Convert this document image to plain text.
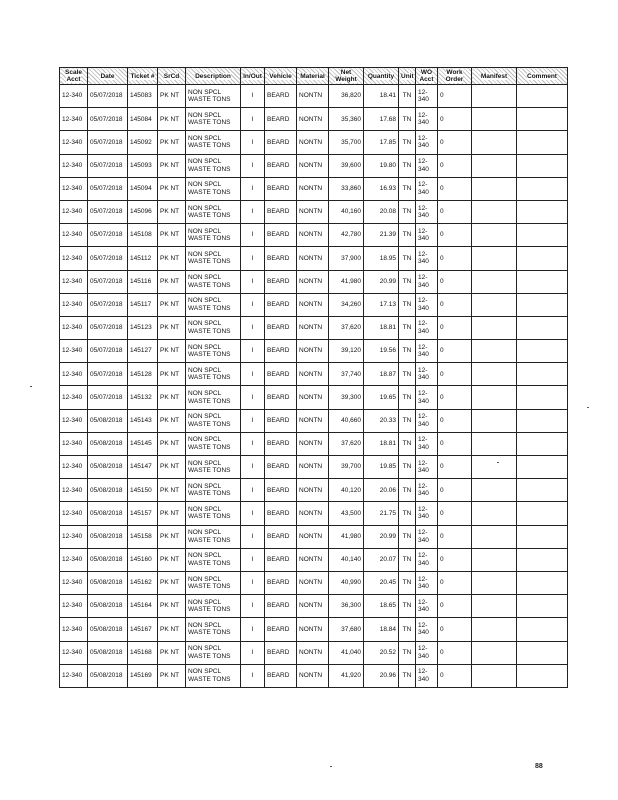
Scale Acct	Date	Ticket #	SrCd	Description	In/Out	Vehicle	Material	Net Weight	Quantity	Unit	WO Acct	Work Order	Manifest	Comment
12-340	05/07/2018	145083	PK NT	NON SPCL WASTE TONS	I	BEARD	NONTN	36,820	18.41	TN	12-340	0		
12-340	05/07/2018	145084	PK NT	NON SPCL WASTE TONS	I	BEARD	NONTN	35,360	17.68	TN	12-340	0		
12-340	05/07/2018	145092	PK NT	NON SPCL WASTE TONS	I	BEARD	NONTN	35,700	17.85	TN	12-340	0		
12-340	05/07/2018	145093	PK NT	NON SPCL WASTE TONS	I	BEARD	NONTN	39,600	19.80	TN	12-340	0		
12-340	05/07/2018	145094	PK NT	NON SPCL WASTE TONS	I	BEARD	NONTN	33,860	16.93	TN	12-340	0		
12-340	05/07/2018	145096	PK NT	NON SPCL WASTE TONS	I	BEARD	NONTN	40,160	20.08	TN	12-340	0		
12-340	05/07/2018	145108	PK NT	NON SPCL WASTE TONS	I	BEARD	NONTN	42,780	21.39	TN	12-340	0		
12-340	05/07/2018	145112	PK NT	NON SPCL WASTE TONS	I	BEARD	NONTN	37,900	18.95	TN	12-340	0		
12-340	05/07/2018	145116	PK NT	NON SPCL WASTE TONS	I	BEARD	NONTN	41,980	20.99	TN	12-340	0		
12-340	05/07/2018	145117	PK NT	NON SPCL WASTE TONS	I	BEARD	NONTN	34,260	17.13	TN	12-340	0		
12-340	05/07/2018	145123	PK NT	NON SPCL WASTE TONS	I	BEARD	NONTN	37,620	18.81	TN	12-340	0		
12-340	05/07/2018	145127	PK NT	NON SPCL WASTE TONS	I	BEARD	NONTN	39,120	19.56	TN	12-340	0		
12-340	05/07/2018	145128	PK NT	NON SPCL WASTE TONS	I	BEARD	NONTN	37,740	18.87	TN	12-340	0		
12-340	05/07/2018	145132	PK NT	NON SPCL WASTE TONS	I	BEARD	NONTN	39,300	19.65	TN	12-340	0		
12-340	05/08/2018	145143	PK NT	NON SPCL WASTE TONS	I	BEARD	NONTN	40,660	20.33	TN	12-340	0		
12-340	05/08/2018	145145	PK NT	NON SPCL WASTE TONS	I	BEARD	NONTN	37,620	18.81	TN	12-340	0		
12-340	05/08/2018	145147	PK NT	NON SPCL WASTE TONS	I	BEARD	NONTN	39,700	19.85	TN	12-340	0		
12-340	05/08/2018	145150	PK NT	NON SPCL WASTE TONS	I	BEARD	NONTN	40,120	20.06	TN	12-340	0		
12-340	05/08/2018	145157	PK NT	NON SPCL WASTE TONS	I	BEARD	NONTN	43,500	21.75	TN	12-340	0		
12-340	05/08/2018	145158	PK NT	NON SPCL WASTE TONS	I	BEARD	NONTN	41,980	20.99	TN	12-340	0		
12-340	05/08/2018	145160	PK NT	NON SPCL WASTE TONS	I	BEARD	NONTN	40,140	20.07	TN	12-340	0		
12-340	05/08/2018	145162	PK NT	NON SPCL WASTE TONS	I	BEARD	NONTN	40,990	20.45	TN	12-340	0		
12-340	05/08/2018	145164	PK NT	NON SPCL WASTE TONS	I	BEARD	NONTN	36,300	18.65	TN	12-340	0		
12-340	05/08/2018	145167	PK NT	NON SPCL WASTE TONS	I	BEARD	NONTN	37,680	18.84	TN	12-340	0		
12-340	05/08/2018	145168	PK NT	NON SPCL WASTE TONS	I	BEARD	NONTN	41,040	20.52	TN	12-340	0		
12-340	05/08/2018	145169	PK NT	NON SPCL WASTE TONS	I	BEARD	NONTN	41,920	20.96	TN	12-340	0		
88
